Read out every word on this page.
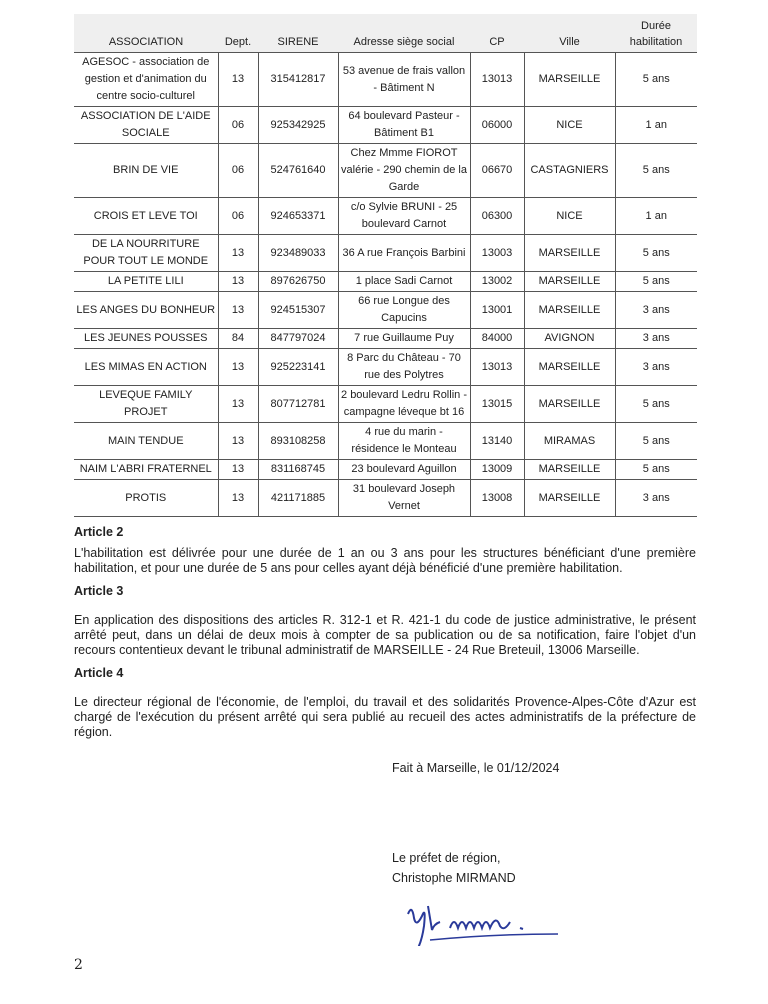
ASSOCIATION	Dept.	SIRENE	Adresse siège social	CP	Ville	Durée habilitation
AGESOC - association de gestion et d'animation du centre socio-culturel	13	315412817	53 avenue de frais vallon - Bâtiment N	13013	MARSEILLE	5 ans
ASSOCIATION DE L'AIDE SOCIALE	06	925342925	64 boulevard Pasteur - Bâtiment B1	06000	NICE	1 an
BRIN DE VIE	06	524761640	Chez Mmme FIOROT valérie - 290 chemin de la Garde	06670	CASTAGNIERS	5 ans
CROIS ET LEVE TOI	06	924653371	c/o Sylvie BRUNI - 25 boulevard Carnot	06300	NICE	1 an
DE LA NOURRITURE POUR TOUT LE MONDE	13	923489033	36 A rue François Barbini	13003	MARSEILLE	5 ans
LA PETITE LILI	13	897626750	1 place Sadi Carnot	13002	MARSEILLE	5 ans
LES ANGES DU BONHEUR	13	924515307	66 rue Longue des Capucins	13001	MARSEILLE	3 ans
LES JEUNES POUSSES	84	847797024	7 rue Guillaume Puy	84000	AVIGNON	3 ans
LES MIMAS EN ACTION	13	925223141	8 Parc du Château - 70 rue des Polytres	13013	MARSEILLE	3 ans
LEVEQUE FAMILY PROJET	13	807712781	2 boulevard Ledru Rollin - campagne léveque bt 16	13015	MARSEILLE	5 ans
MAIN TENDUE	13	893108258	4 rue du marin - résidence le Monteau	13140	MIRAMAS	5 ans
NAIM L'ABRI FRATERNEL	13	831168745	23 boulevard Aguillon	13009	MARSEILLE	5 ans
PROTIS	13	421171885	31 boulevard Joseph Vernet	13008	MARSEILLE	3 ans
Article 2
L'habilitation est délivrée pour une durée de 1 an ou 3 ans pour les structures bénéficiant d'une première habilitation, et pour une durée de 5 ans pour celles ayant déjà bénéficié d'une première habilitation.
Article 3
En application des dispositions des articles R. 312-1 et R. 421-1 du code de justice administrative, le présent arrêté peut, dans un délai de deux mois à compter de sa publication ou de sa notification, faire l'objet d'un recours contentieux devant le tribunal administratif de MARSEILLE - 24 Rue Breteuil, 13006 Marseille.
Article 4
Le directeur régional de l'économie, de l'emploi, du travail et des solidarités Provence-Alpes-Côte d'Azur est chargé de l'exécution du présent arrêté qui sera publié au recueil des actes administratifs de la préfecture de région.
Fait à Marseille, le 01/12/2024
Le préfet de région,
Christophe MIRMAND
2
